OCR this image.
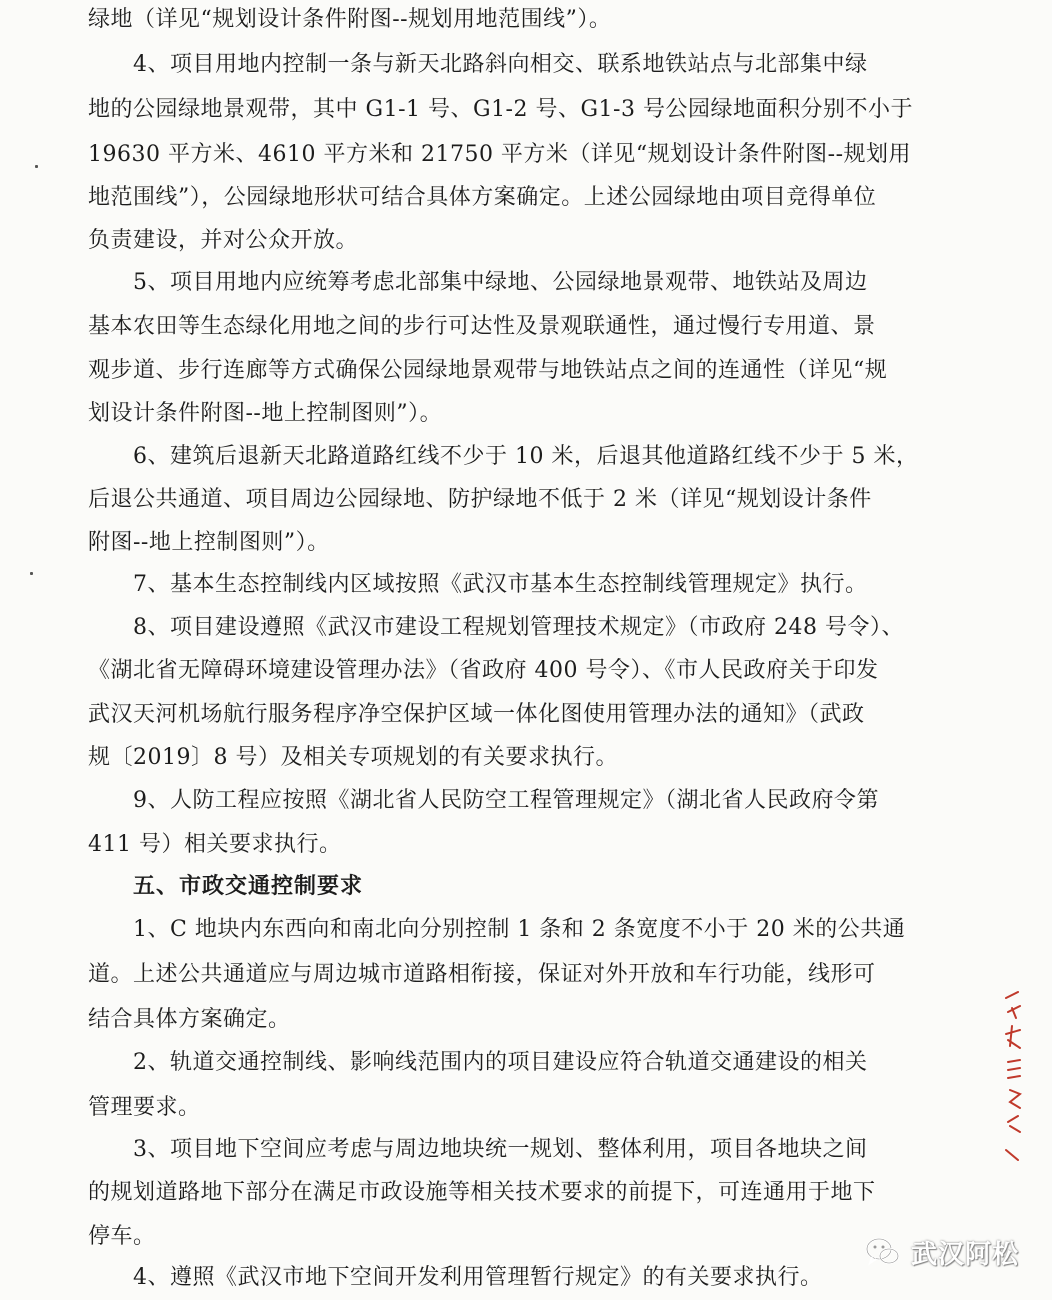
绿地（详见“规划设计条件附图--规划用地范围线”）。
4、项目用地内控制一条与新天北路斜向相交、联系地铁站点与北部集中绿
地的公园绿地景观带，其中 G1-1 号、G1-2 号、G1-3 号公园绿地面积分别不小于
19630 平方米、4610 平方米和 21750 平方米（详见“规划设计条件附图--规划用
地范围线”），公园绿地形状可结合具体方案确定。上述公园绿地由项目竞得单位
负责建设，并对公众开放。
5、项目用地内应统筹考虑北部集中绿地、公园绿地景观带、地铁站及周边
基本农田等生态绿化用地之间的步行可达性及景观联通性，通过慢行专用道、景
观步道、步行连廊等方式确保公园绿地景观带与地铁站点之间的连通性（详见“规
划设计条件附图--地上控制图则”）。
6、建筑后退新天北路道路红线不少于 10 米，后退其他道路红线不少于 5 米，
后退公共通道、项目周边公园绿地、防护绿地不低于 2 米（详见“规划设计条件
附图--地上控制图则”）。
7、基本生态控制线内区域按照《武汉市基本生态控制线管理规定》执行。
8、项目建设遵照《武汉市建设工程规划管理技术规定》（市政府 248 号令）、
《湖北省无障碍环境建设管理办法》（省政府 400 号令）、《市人民政府关于印发
武汉天河机场航行服务程序净空保护区域一体化图使用管理办法的通知》（武政
规〔2019〕8 号）及相关专项规划的有关要求执行。
9、人防工程应按照《湖北省人民防空工程管理规定》（湖北省人民政府令第
411 号）相关要求执行。
五、市政交通控制要求
1、C 地块内东西向和南北向分别控制 1 条和 2 条宽度不小于 20 米的公共通
道。上述公共通道应与周边城市道路相衔接，保证对外开放和车行功能，线形可
结合具体方案确定。
2、轨道交通控制线、影响线范围内的项目建设应符合轨道交通建设的相关
管理要求。
3、项目地下空间应考虑与周边地块统一规划、整体利用，项目各地块之间
的规划道路地下部分在满足市政设施等相关技术要求的前提下，可连通用于地下
停车。
4、遵照《武汉市地下空间开发利用管理暂行规定》的有关要求执行。
武汉阿松
